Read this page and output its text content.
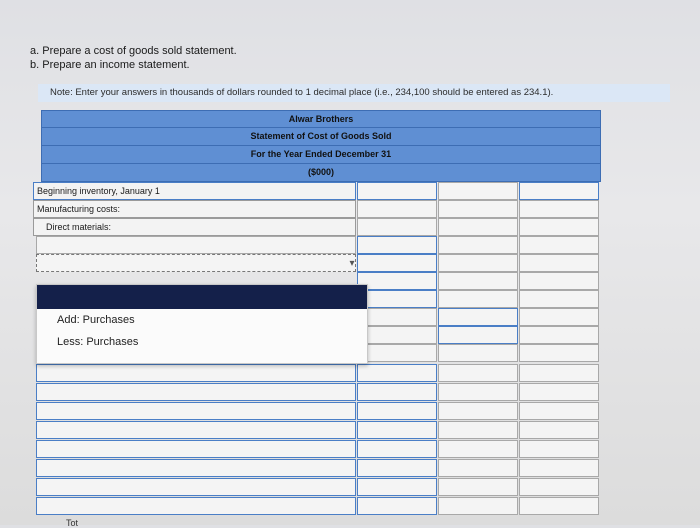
a. Prepare a cost of goods sold statement.
b. Prepare an income statement.
Note: Enter your answers in thousands of dollars rounded to 1 decimal place (i.e., 234,100 should be entered as 234.1).
Alwar Brothers
Statement of Cost of Goods Sold
For the Year Ended December 31
($000)
Beginning inventory, January 1
Manufacturing costs:
Direct materials:
▾
Add: Purchases
Less: Purchases
Tot
